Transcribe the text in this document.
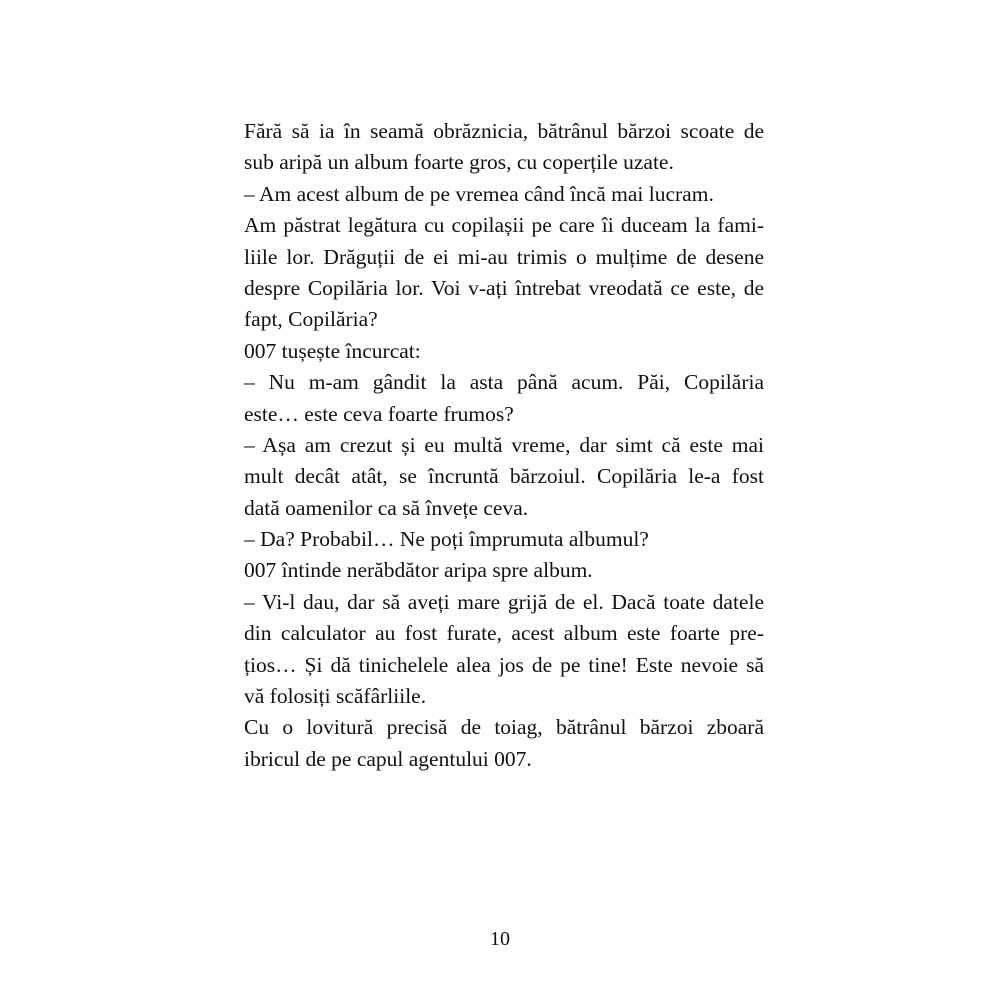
Fără să ia în seamă obrăznicia, bătrânul bărzoi scoate de
sub aripă un album foarte gros, cu coperțile uzate.
– Am acest album de pe vremea când încă mai lucram.
Am păstrat legătura cu copilașii pe care îi duceam la fami-
liile lor. Drăguții de ei mi-au trimis o mulțime de desene
despre Copilăria lor. Voi v-ați întrebat vreodată ce este, de
fapt, Copilăria?
007 tușește încurcat:
– Nu m-am gândit la asta până acum. Păi, Copilăria
este… este ceva foarte frumos?
– Așa am crezut și eu multă vreme, dar simt că este mai
mult decât atât, se încruntă bărzoiul. Copilăria le-a fost
dată oamenilor ca să învețe ceva.
– Da? Probabil… Ne poți împrumuta albumul?
007 întinde nerăbdător aripa spre album.
– Vi-l dau, dar să aveți mare grijă de el. Dacă toate datele
din calculator au fost furate, acest album este foarte pre-
țios… Și dă tinichelele alea jos de pe tine! Este nevoie să
vă folosiți scăfârliile.
Cu o lovitură precisă de toiag, bătrânul bărzoi zboară
ibricul de pe capul agentului 007.
10
